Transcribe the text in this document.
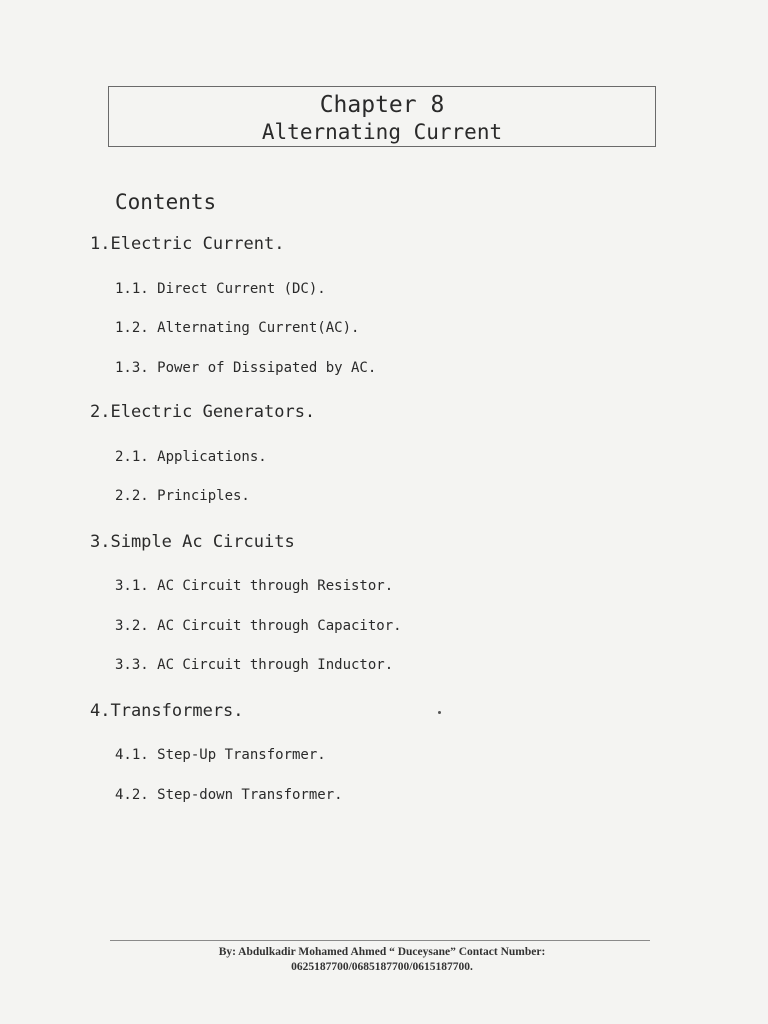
Chapter 8
Alternating Current
Contents
1.Electric Current.
1.1. Direct Current (DC).
1.2. Alternating Current(AC).
1.3. Power of Dissipated by AC.
2.Electric Generators.
2.1. Applications.
2.2. Principles.
3.Simple Ac Circuits
3.1. AC Circuit through Resistor.
3.2. AC Circuit through Capacitor.
3.3. AC Circuit through Inductor.
4.Transformers.
4.1. Step-Up Transformer.
4.2. Step-down Transformer.
By: Abdulkadir Mohamed Ahmed “ Duceysane” Contact Number:
0625187700/0685187700/0615187700.
